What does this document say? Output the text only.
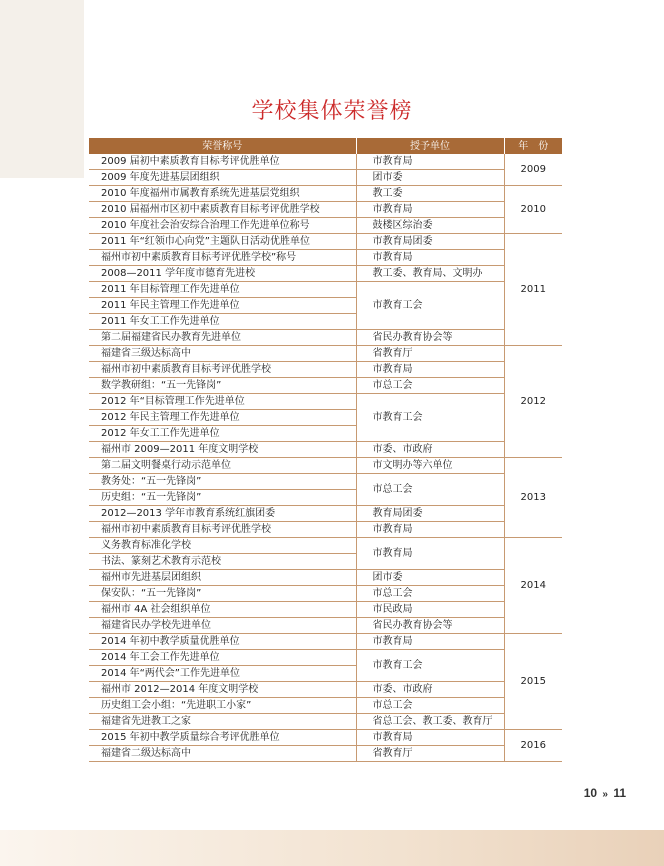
学校集体荣誉榜
荣誉称号	授予单位	年　份
2009 届初中素质教育目标考评优胜单位	市教育局	2009
2009 年度先进基层团组织	团市委	
2010 年度福州市属教育系统先进基层党组织	教工委	2010
2010 届福州市区初中素质教育目标考评优胜学校	市教育局	
2010 年度社会治安综合治理工作先进单位称号	鼓楼区综治委	
2011 年“红领巾心向党”主题队日活动优胜单位	市教育局团委	2011
福州市初中素质教育目标考评优胜学校”称号	市教育局	
2008—2011 学年度市德育先进校	教工委、教育局、文明办	
2011 年目标管理工作先进单位	市教育工会	
2011 年民主管理工作先进单位		
2011 年女工工作先进单位		
第二届福建省民办教育先进单位	省民办教育协会等	
福建省三级达标高中	省教育厅	2012
福州市初中素质教育目标考评优胜学校	市教育局	
数学教研组：“五一先锋岗”	市总工会	
2012 年“目标管理工作先进单位	市教育工会	
2012 年民主管理工作先进单位		
2012 年女工工作先进单位		
福州市 2009—2011 年度文明学校	市委、市政府	
第二届文明餐桌行动示范单位	市文明办等六单位	2013
教务处：“五一先锋岗”	市总工会	
历史组：“五一先锋岗”		
2012—2013 学年市教育系统红旗团委	教育局团委	
福州市初中素质教育目标考评优胜学校	市教育局	
义务教育标准化学校	市教育局	2014
书法、篆刻艺术教育示范校		
福州市先进基层团组织	团市委	
保安队：“五一先锋岗”	市总工会	
福州市 4A 社会组织单位	市民政局	
福建省民办学校先进单位	省民办教育协会等	
2014 年初中教学质量优胜单位	市教育局	2015
2014 年工会工作先进单位	市教育工会	
2014 年“两代会”工作先进单位		
福州市 2012—2014 年度文明学校	市委、市政府	
历史组工会小组：“先进职工小家”	市总工会	
福建省先进教工之家	省总工会、教工委、教育厅	
2015 年初中教学质量综合考评优胜单位	市教育局	2016
福建省二级达标高中	省教育厅	
10 » 11
